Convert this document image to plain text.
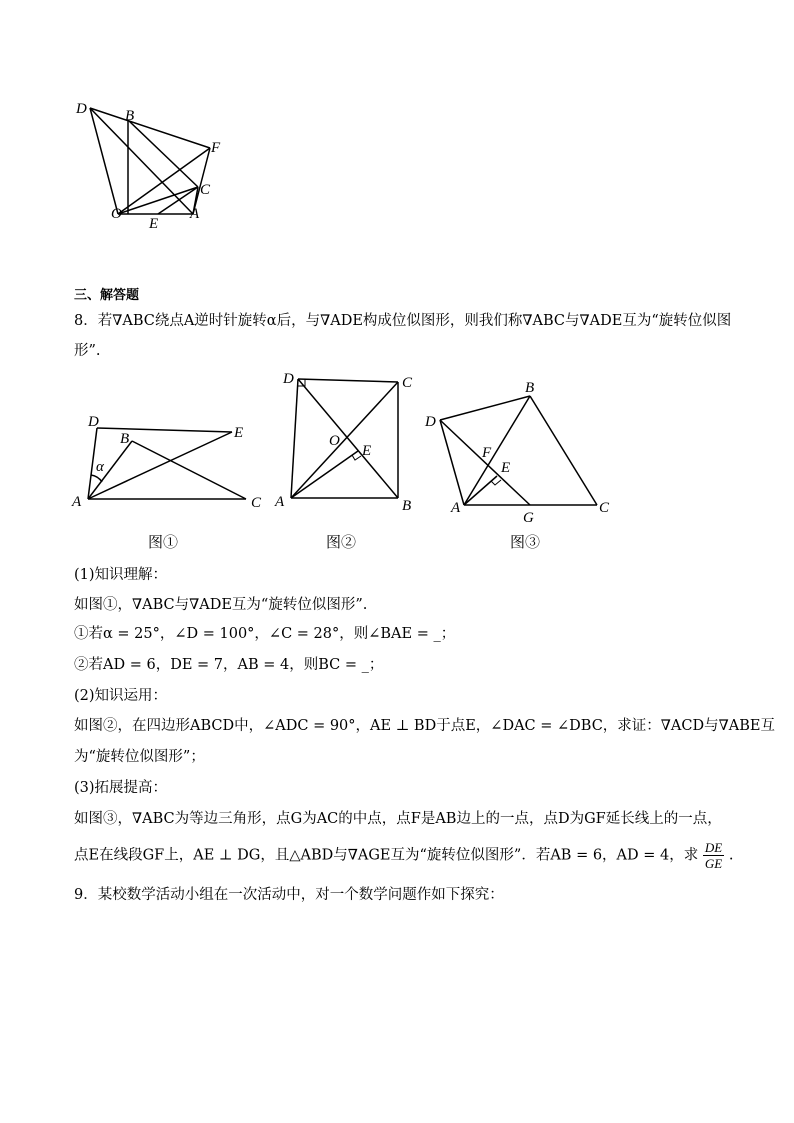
D	B
F
C
O	A
E
三、解答题
8．若∇ABC绕点A逆时针旋转α后，与∇ADE构成位似图形，则我们称∇ABC与∇ADE互为“旋转位似图
形”.
D
B	E
α
A	C
D	C
O
E
A	B
D
B
F
E
A
G
C
图①	图②	图③
(1)知识理解：
如图①，∇ABC与∇ADE互为“旋转位似图形”.
①若α = 25°，∠D = 100°，∠C = 28°，则∠BAE = _；
②若AD = 6，DE = 7，AB = 4，则BC = _；
(2)知识运用：
如图②，在四边形ABCD中，∠ADC = 90°，AE ⊥ BD于点E，∠DAC = ∠DBC，求证：∇ACD与∇ABE互
为“旋转位似图形”；
(3)拓展提高：
如图③，∇ABC为等边三角形，点G为AC的中点，点F是AB边上的一点，点D为GF延长线上的一点，
点E在线段GF上，AE ⊥ DG，且△ABD与∇AGE互为“旋转位似图形”．若AB = 6，AD = 4，求 $\frac{DE}{GE}$ .
9．某校数学活动小组在一次活动中，对一个数学问题作如下探究：
